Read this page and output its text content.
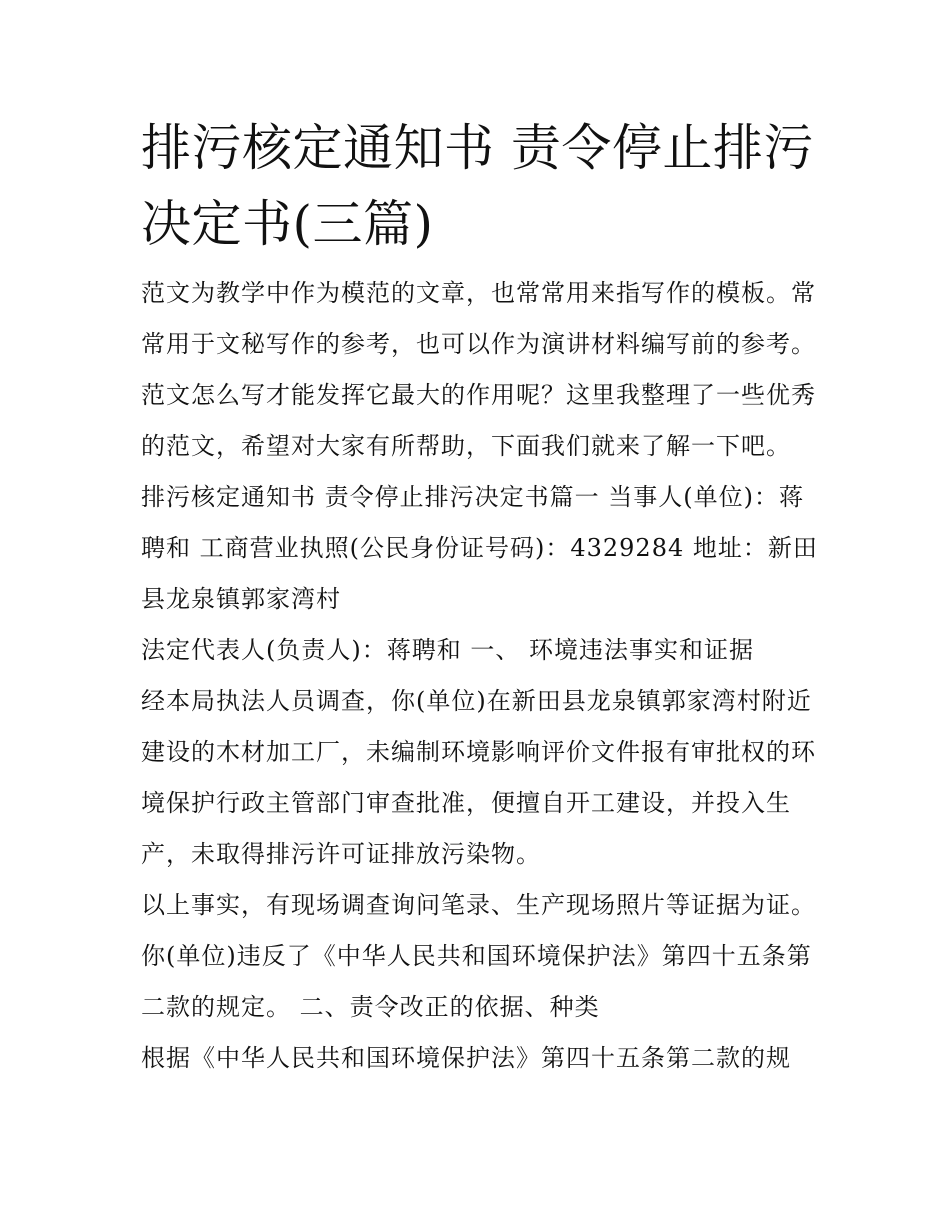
排污核定通知书 责令停止排污决定书(三篇)

范文为教学中作为模范的文章，也常常用来指写作的模板。常常用于文秘写作的参考，也可以作为演讲材料编写前的参考。范文怎么写才能发挥它最大的作用呢？这里我整理了一些优秀的范文，希望对大家有所帮助，下面我们就来了解一下吧。

排污核定通知书 责令停止排污决定书篇一 当事人(单位)：蒋聘和 工商营业执照(公民身份证号码)：4329284 地址：新田县龙泉镇郭家湾村

法定代表人(负责人)：蒋聘和 一、 环境违法事实和证据

经本局执法人员调查，你(单位)在新田县龙泉镇郭家湾村附近建设的木材加工厂，未编制环境影响评价文件报有审批权的环境保护行政主管部门审查批准，便擅自开工建设，并投入生产，未取得排污许可证排放污染物。

以上事实，有现场调查询问笔录、生产现场照片等证据为证。你(单位)违反了《中华人民共和国环境保护法》第四十五条第二款的规定。 二、责令改正的依据、种类

根据《中华人民共和国环境保护法》第四十五条第二款的规
